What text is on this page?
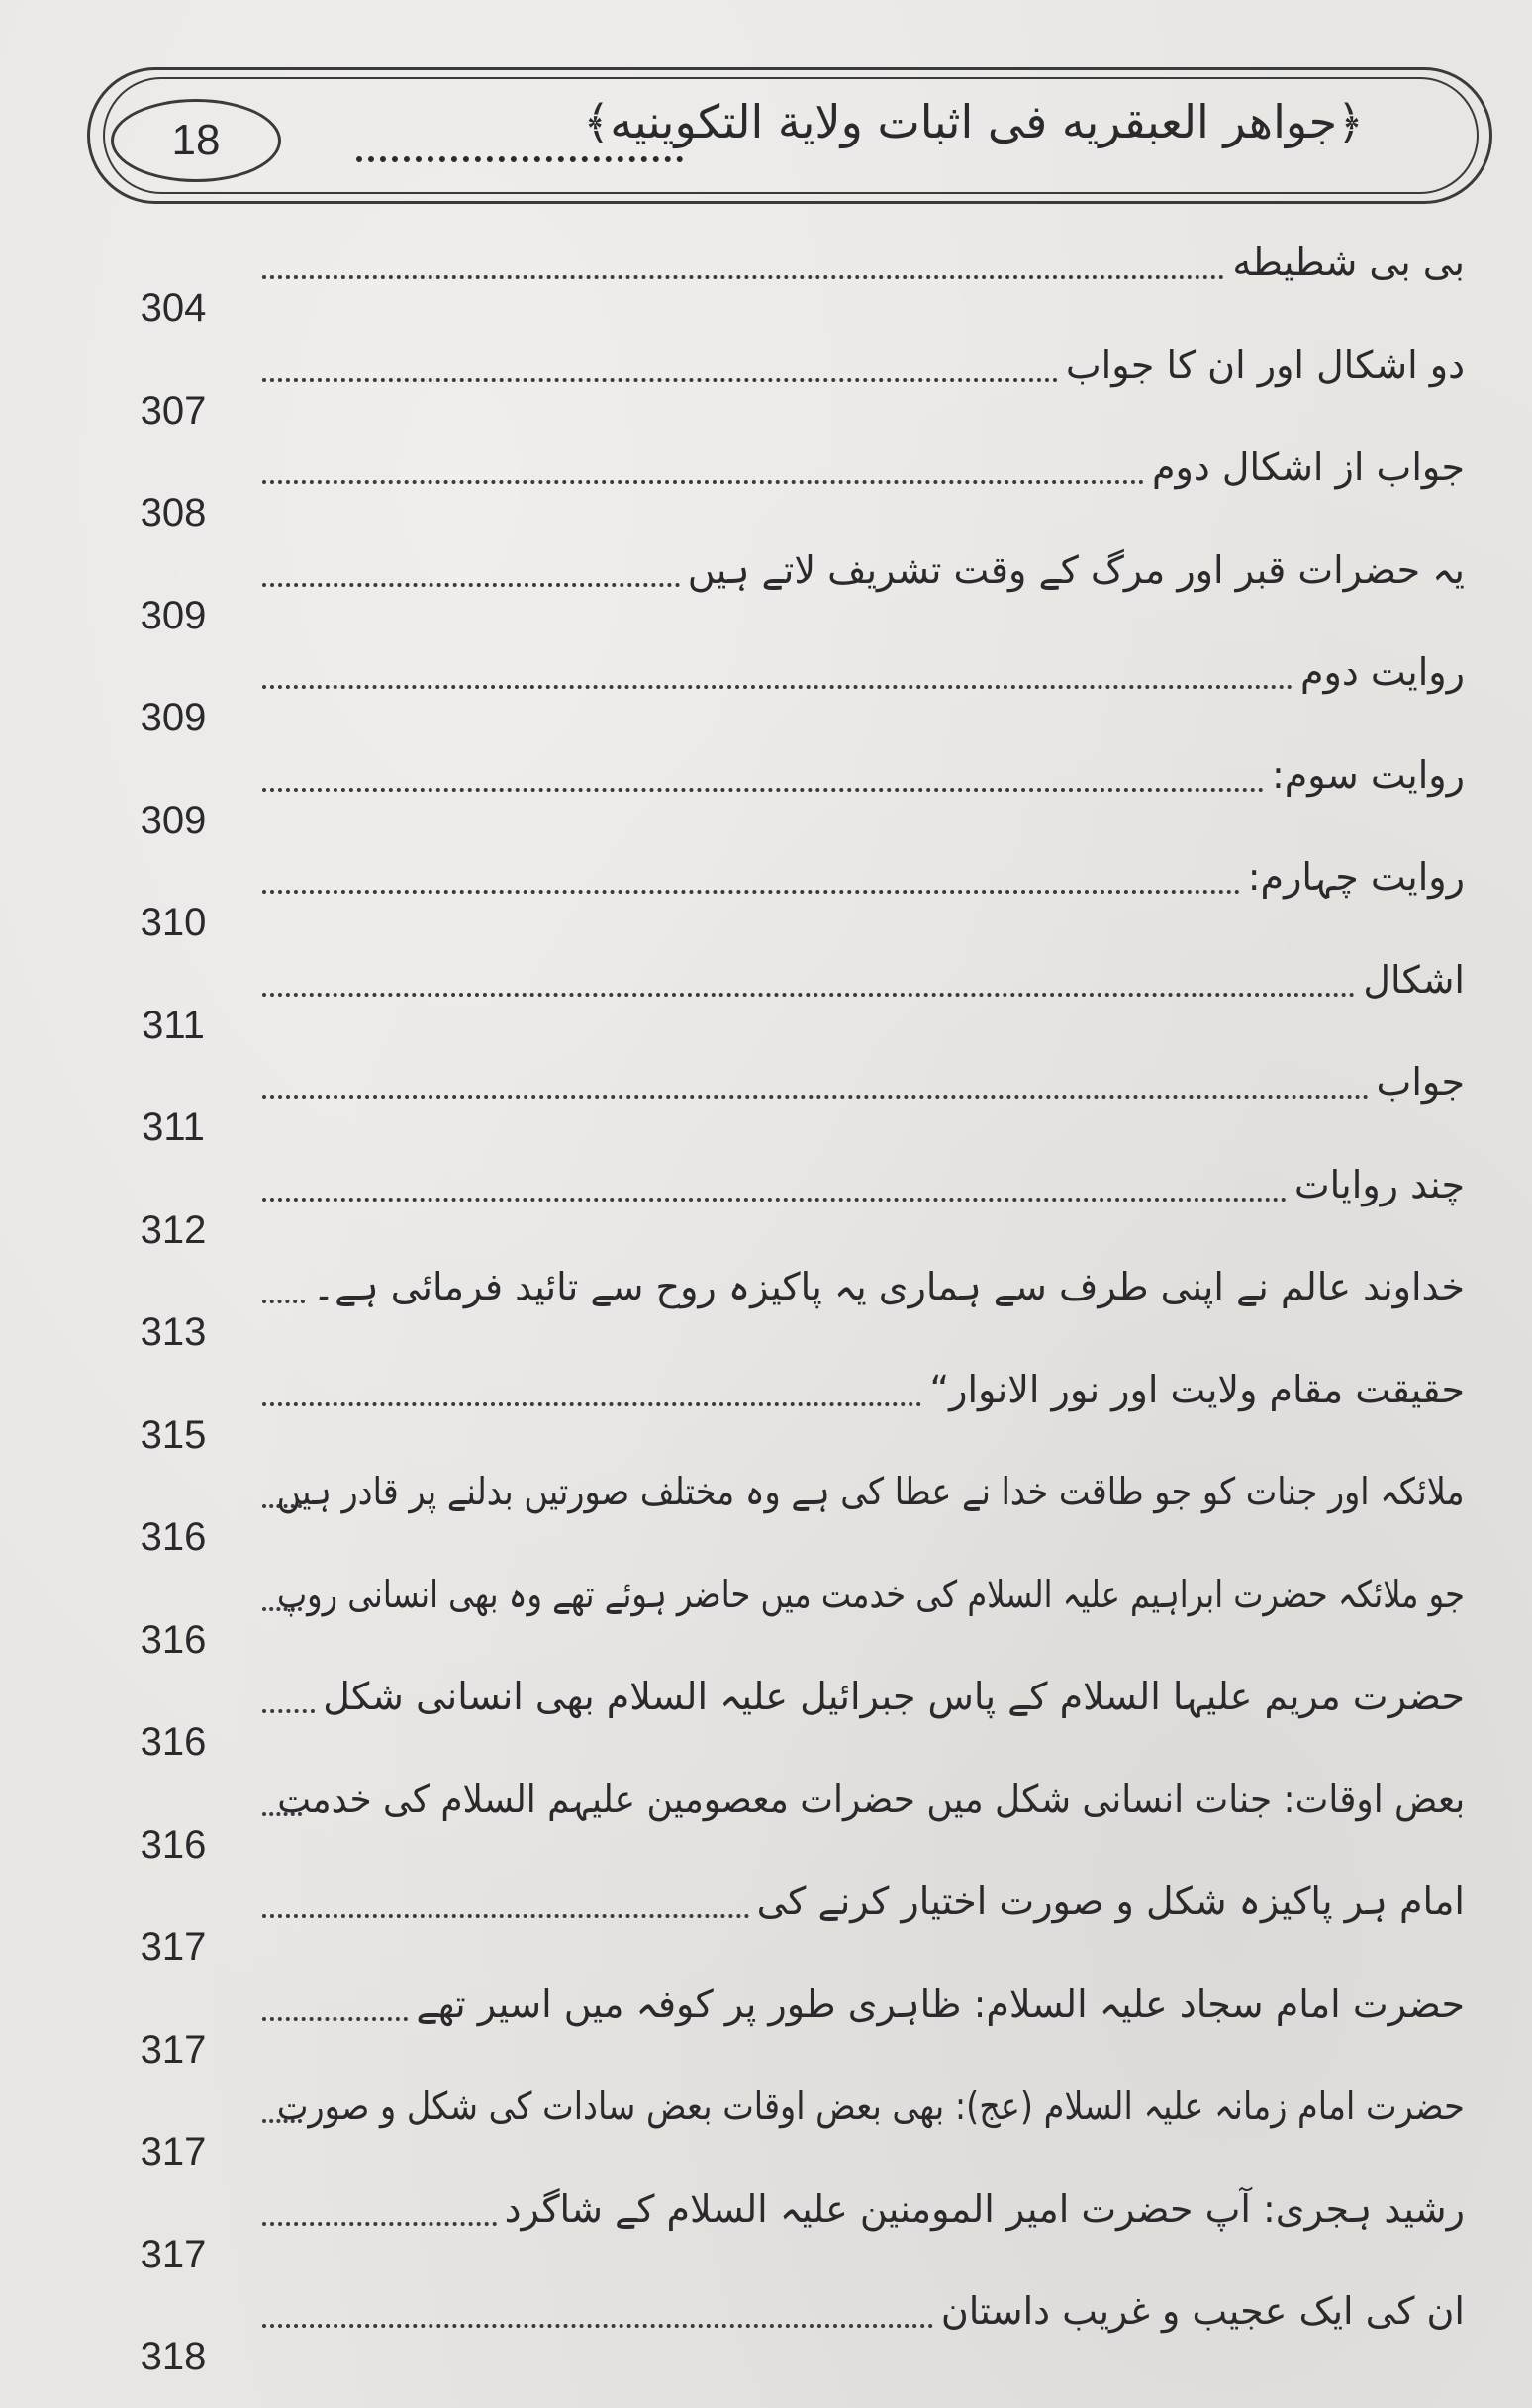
18	﴿جواهر العبقریه فی اثبات ولایة التکوینیه﴾
بی بی شطیطه
304
دو اشکال اور ان کا جواب
307
جواب از اشکال دوم
308
یہ حضرات قبر اور مرگ کے وقت تشریف لاتے ہیں
309
روایت دوم
309
روایت سوم:
309
روایت چہارم:
310
اشکال
311
جواب
311
چند روایات
312
خداوند عالم نے اپنی طرف سے ہماری یہ پاکیزہ روح سے تائید فرمائی ہے۔
313
حقیقت مقام ولایت اور نور الانوار“
315
ملائکہ اور جنات کو جو طاقت خدا نے عطا کی ہے وہ مختلف صورتیں بدلنے پر قادر ہیں
316
جو ملائکہ حضرت ابراہیم علیہ السلام کی خدمت میں حاضر ہوئے تھے وہ بھی انسانی روپ
316
حضرت مریم علیہا السلام کے پاس جبرائیل علیہ السلام بھی انسانی شکل
316
بعض اوقات: جنات انسانی شکل میں حضرات معصومین علیہم السلام کی خدمت
316
امام ہر پاکیزہ شکل و صورت اختیار کرنے کی
317
حضرت امام سجاد علیہ السلام: ظاہری طور پر کوفہ میں اسیر تھے
317
حضرت امام زمانہ علیہ السلام (عج): بھی بعض اوقات بعض سادات کی شکل و صورت
317
رشید ہجری: آپ حضرت امیر المومنین علیہ السلام کے شاگرد
317
ان کی ایک عجیب و غریب داستان
318
